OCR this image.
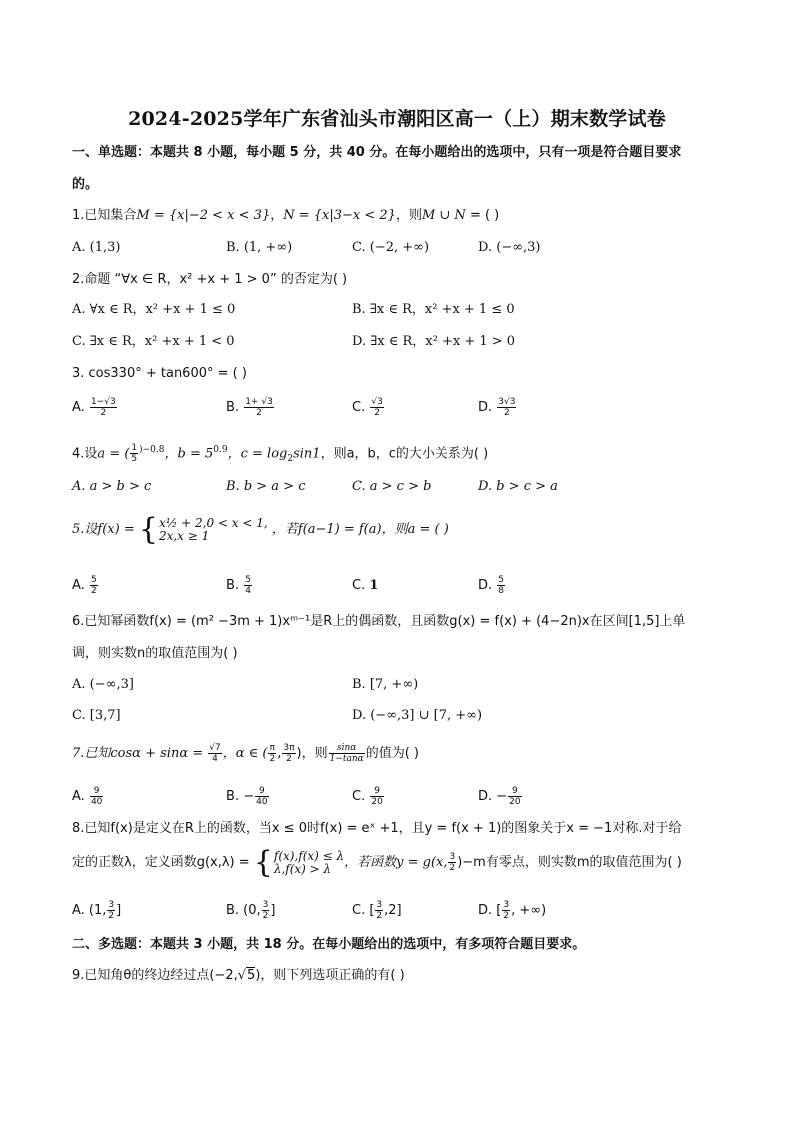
2024-2025学年广东省汕头市潮阳区高一（上）期末数学试卷
一、单选题：本题共 8 小题，每小题 5 分，共 40 分。在每小题给出的选项中，只有一项是符合题目要求
的。
1.已知集合M = {x|−2 < x < 3}，N = {x|3−x < 2}，则M ∪ N = ( )
A. (1,3)	B. (1, +∞)	C. (−2, +∞)	D. (−∞,3)
2.命题 “∀x ∈ R，x² +x + 1 > 0” 的否定为( )
A. ∀x ∈ R，x² +x + 1 ≤ 0	B. ∃x ∈ R，x² +x + 1 ≤ 0
C. ∃x ∈ R，x² +x + 1 < 0	D. ∃x ∈ R，x² +x + 1 > 0
3. cos330° + tan600° = ( )
A. $\frac{1-√3}{2}$	B. $\frac{1+ √3}{2}$	C. $\frac{√3}{2}$	D. $\frac{3√3}{2}$
4.设a = ( $\frac{1}{5} ^{)-0.8}$，$b = 5^{0.9}$，$c = \log_2\sin 1$，则a，b，c的大小关系为( )
A. a > b > c	B. b > a > c	C. a > c > b	D. b > c > a
5.设f(x) = { x½ + 2,0 < x < 1,
2x,x ≥ 1	，若f(a−1) = f(a)，则a = ( )
A. $\frac{5}{2}$	B. $\frac{5}{4}$	C. 1	D. $\frac{5}{8}$
6.已知幂函数f(x) = (m² −3m + 1)xᵐ⁻¹是R上的偶函数，且函数g(x) = f(x) + (4−2n)x在区间[1,5]上单
调，则实数n的取值范围为( )
A. (−∞,3]	B. [7, +∞)
C. [3,7]	D. (−∞,3] ∪ [7, +∞)
7.已知$\cos\alpha + \sin\alpha = \frac{√7}{4}$ ，α ∈ ( $\frac{\pi}{2}$ , $\frac{3\pi}{2}$ )，则 $\frac{\sin\alpha}{1-\tan\alpha}$ 的值为( )
A. $\frac{9}{40}$	B. − $\frac{9}{40}$	C. $\frac{9}{20}$	D. − $\frac{9}{20}$
8.已知f(x)是定义在R上的函数，当x ≤ 0时f(x) = eˣ +1，且y = f(x + 1)的图象关于x = −1对称.对于给
定的正数λ，定义函数g(x,λ) = { f(x),f(x) ≤ λ
λ,f(x) > λ ，若函数y = g(x, $\frac{3}{2} )-m$有零点，则实数m的取值范围为( )
A. (1, $\frac{3}{2}$ ]	B. (0, $\frac{3}{2}$ ]	C. [ $\frac{3}{2} ,2$]	D. [ $\frac{3}{2}$ , +∞)
二、多选题：本题共 3 小题，共 18 分。在每小题给出的选项中，有多项符合题目要求。
9.已知角θ的终边经过点(−2,√5)，则下列选项正确的有( )
